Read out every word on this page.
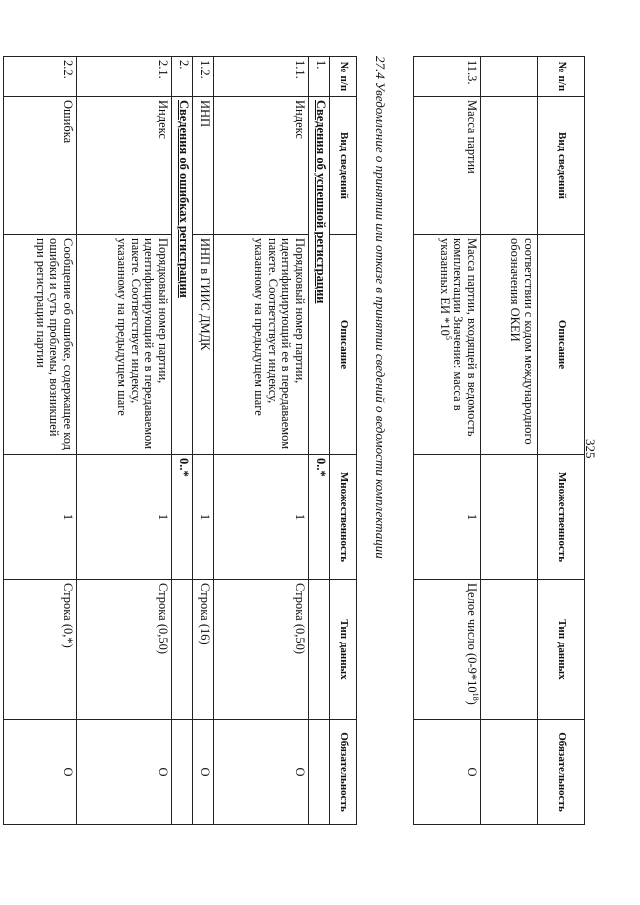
325
№ п/п	Вид сведений	Описание	Множественность	Тип данных	Обязательность
		соответствии с кодом международного обозначения ОКЕИ			
11.3.	Масса партии	Масса партии, входящей в ведомость комплектации Значение: масса в указанных ЕИ $*10^5$	1	Целое число $(0-9*10^{18})$	О
27.4 Уведомление о принятии или отказе в принятии сведений о ведомости комплектации
№ п/п	Вид сведений	Описание	Множественность	Тип данных	Обязательность
1.	Сведения об успешной регистрации		0..*		
1.1.	Индекс	Порядковый номер партии, идентифицирующий ее в передаваемом пакете. Соответствует индексу, указанному на предыдущем шаге	1	Строка (0,50)	О
1.2.	ИНП	ИНП в ГИИС ДМДК	1	Строка (16)	О
2.	Сведения об ошибках регистрации		0..*		
2.1.	Индекс	Порядковый номер партии, идентифицирующий ее в передаваемом пакете. Соответствует индексу, указанному на предыдущем шаге	1	Строка (0,50)	О
2.2.	Ошибка	Сообщение об ошибке, содержащее код ошибки и суть проблемы, возникшей при регистрации партии	1	Строка (0,*)	О
